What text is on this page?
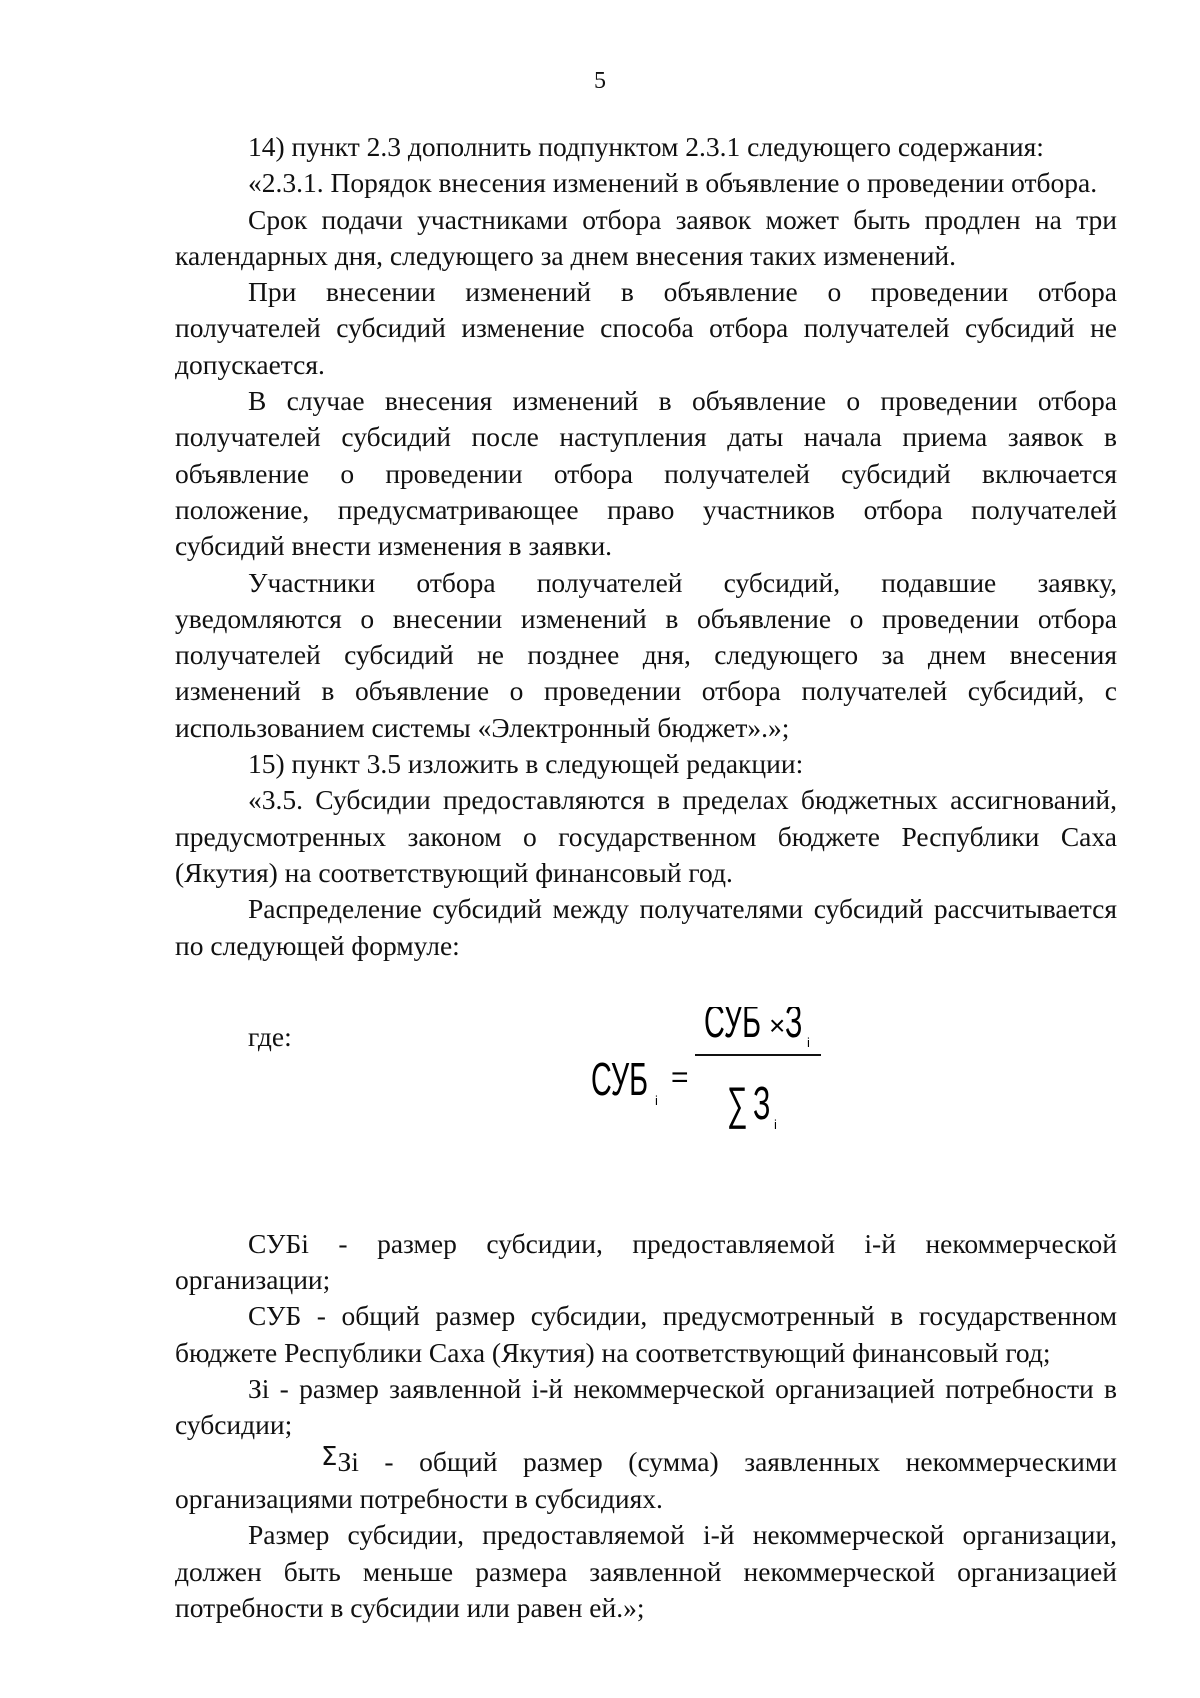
5

14) пункт 2.3 дополнить подпунктом 2.3.1 следующего содержания:

«2.3.1. Порядок внесения изменений в объявление о проведении отбора.

Срок подачи участниками отбора заявок может быть продлен на три

календарных дня, следующего за днем внесения таких изменений.

При внесении изменений в объявление о проведении отбора

получателей субсидий изменение способа отбора получателей субсидий не

допускается.

В случае внесения изменений в объявление о проведении отбора

получателей субсидий после наступления даты начала приема заявок в

объявление о проведении отбора получателей субсидий включается

положение, предусматривающее право участников отбора получателей

субсидий внести изменения в заявки.

Участники отбора получателей субсидий, подавшие заявку,

уведомляются о внесении изменений в объявление о проведении отбора

получателей субсидий не позднее дня, следующего за днем внесения

изменений в объявление о проведении отбора получателей субсидий, с

использованием системы «Электронный бюджет».»;

15) пункт 3.5 изложить в следующей редакции:

«3.5. Субсидии предоставляются в пределах бюджетных ассигнований,

предусмотренных законом о государственном бюджете Республики Саха

(Якутия) на соответствующий финансовый год.

Распределение субсидий между получателями субсидий рассчитывается

по следующей формуле:

где:
СУБ i
=
СУБ × З i
∑ З i

СУБi - размер субсидии, предоставляемой i-й некоммерческой

организации;

СУБ - общий размер субсидии, предусмотренный в государственном

бюджете Республики Саха (Якутия) на соответствующий финансовый год;

Зi - размер заявленной i-й некоммерческой организацией потребности в

субсидии;

ΣЗi - общий размер (сумма) заявленных некоммерческими

организациями потребности в субсидиях.

Размер субсидии, предоставляемой i-й некоммерческой организации,

должен быть меньше размера заявленной некоммерческой организацией

потребности в субсидии или равен ей.»;
